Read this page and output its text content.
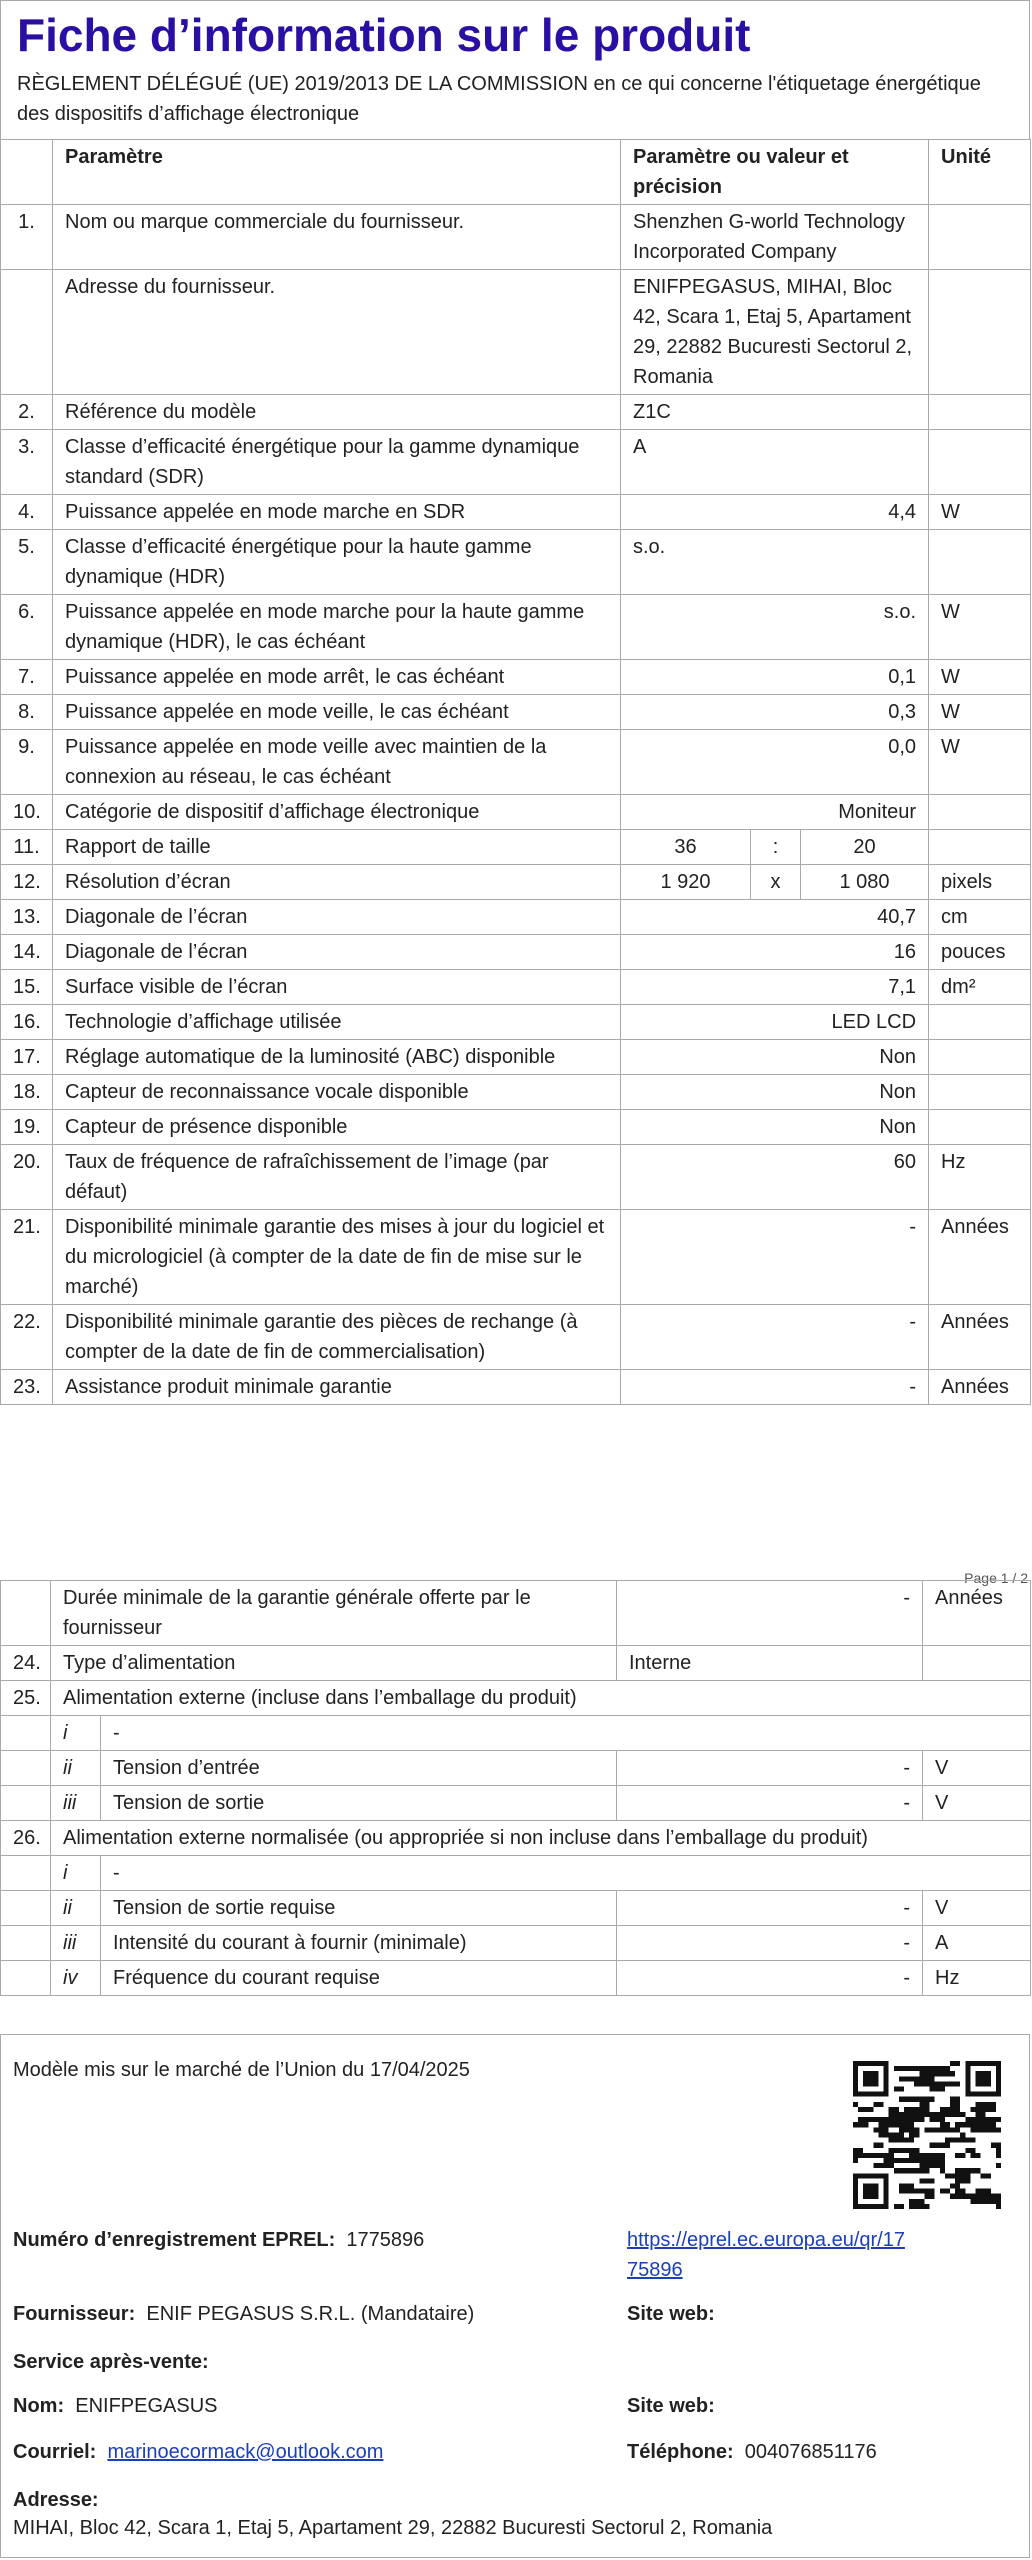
Fiche d’information sur le produit
RÈGLEMENT DÉLÉGUÉ (UE) 2019/2013 DE LA COMMISSION en ce qui concerne l'étiquetage énergétique des dispositifs d’affichage électronique
	Paramètre	Paramètre ou valeur et précision			Unité
1.	Nom ou marque commerciale du fournisseur.	Shenzhen G-world Technology Incorporated Company			
	Adresse du fournisseur.	ENIFPEGASUS, MIHAI, Bloc 42, Scara 1, Etaj 5, Apartament 29, 22882 Bucuresti Sectorul 2, Romania			
2.	Référence du modèle	Z1C			
3.	Classe d’efficacité énergétique pour la gamme dynamique standard (SDR)	A			
4.	Puissance appelée en mode marche en SDR	4,4			W
5.	Classe d’efficacité énergétique pour la haute gamme dynamique (HDR)	s.o.			
6.	Puissance appelée en mode marche pour la haute gamme dynamique (HDR), le cas échéant	s.o.			W
7.	Puissance appelée en mode arrêt, le cas échéant	0,1			W
8.	Puissance appelée en mode veille, le cas échéant	0,3			W
9.	Puissance appelée en mode veille avec maintien de la connexion au réseau, le cas échéant	0,0			W
10.	Catégorie de dispositif d’affichage électronique	Moniteur			
11.	Rapport de taille	36	:	20	
12.	Résolution d’écran	1 920	x	1 080	pixels
13.	Diagonale de l’écran	40,7			cm
14.	Diagonale de l’écran	16			pouces
15.	Surface visible de l’écran	7,1			dm²
16.	Technologie d’affichage utilisée	LED LCD			
17.	Réglage automatique de la luminosité (ABC) disponible	Non			
18.	Capteur de reconnaissance vocale disponible	Non			
19.	Capteur de présence disponible	Non			
20.	Taux de fréquence de rafraîchissement de l’image (par défaut)	60			Hz
21.	Disponibilité minimale garantie des mises à jour du logiciel et du micrologiciel (à compter de la date de fin de mise sur le marché)	-			Années
22.	Disponibilité minimale garantie des pièces de rechange (à compter de la date de fin de commercialisation)	-			Années
23.	Assistance produit minimale garantie	-			Années
Page 1 / 2
	Durée minimale de la garantie générale offerte par le fournisseur		-	Années
24.	Type d’alimentation		Interne	
25.	Alimentation externe (incluse dans l’emballage du produit)			
	i	-		
	ii	Tension d’entrée	-	V
	iii	Tension de sortie	-	V
26.	Alimentation externe normalisée (ou appropriée si non incluse dans l’emballage du produit)			
	i	-		
	ii	Tension de sortie requise	-	V
	iii	Intensité du courant à fournir (minimale)	-	A
	iv	Fréquence du courant requise	-	Hz
Modèle mis sur le marché de l’Union du 17/04/2025
Numéro d’enregistrement EPREL: 1775896	https://eprel.ec.europa.eu/qr/17
75896
Fournisseur: ENIF PEGASUS S.R.L. (Mandataire)	Site web:
Service après-vente:
Nom: ENIFPEGASUS	Site web:
Courriel: marinoecormack@outlook.com	Téléphone: 004076851176
Adresse:
MIHAI, Bloc 42, Scara 1, Etaj 5, Apartament 29, 22882 Bucuresti Sectorul 2, Romania
